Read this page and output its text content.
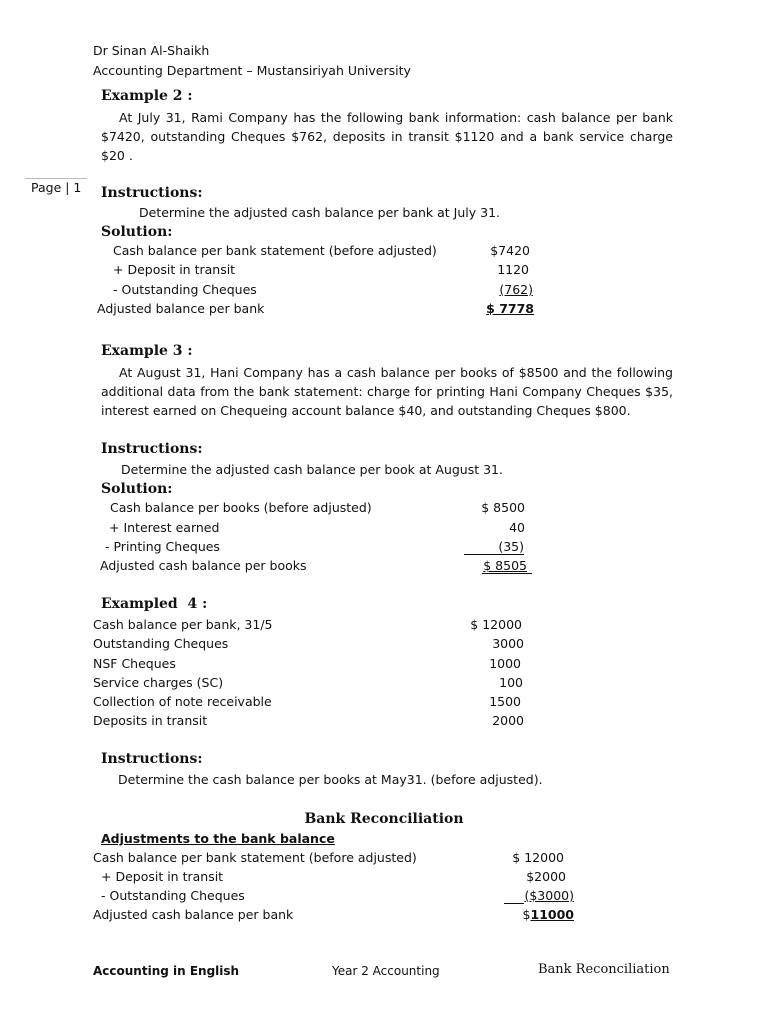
Dr Sinan Al-Shaikh
Accounting Department – Mustansiriyah University
Page | 1
Example 2 :
At July 31, Rami Company has the following bank information: cash balance per bank $7420, outstanding Cheques $762, deposits in transit $1120 and a bank service charge $20 .
Instructions:
Determine the adjusted cash balance per bank at July 31.
Solution:
Cash balance per bank statement (before adjusted)	$7420
+ Deposit in transit	1120
- Outstanding Cheques	(762)
Adjusted balance per bank	$ 7778
Example 3 :
At August 31, Hani Company has a cash balance per books of $8500 and the following additional data from the bank statement: charge for printing Hani Company Cheques $35, interest earned on Chequeing account balance $40, and outstanding Cheques $800.
Instructions:
Determine the adjusted cash balance per book at August 31.
Solution:
Cash balance per books (before adjusted)	$ 8500
+ Interest earned	40
- Printing Cheques	(35)
Adjusted cash balance per books	$ 8505
Exampled 4 :
Cash balance per bank, 31/5	$ 12000
Outstanding Cheques	3000
NSF Cheques	1000
Service charges (SC)	100
Collection of note receivable	1500
Deposits in transit	2000
Instructions:
Determine the cash balance per books at May31. (before adjusted).
Bank Reconciliation
Adjustments to the bank balance
Cash balance per bank statement (before adjusted)	$ 12000
+ Deposit in transit	$2000
- Outstanding Cheques	($3000)
Adjusted cash balance per bank	$11000
Accounting in English	Year 2 Accounting	Bank Reconciliation
